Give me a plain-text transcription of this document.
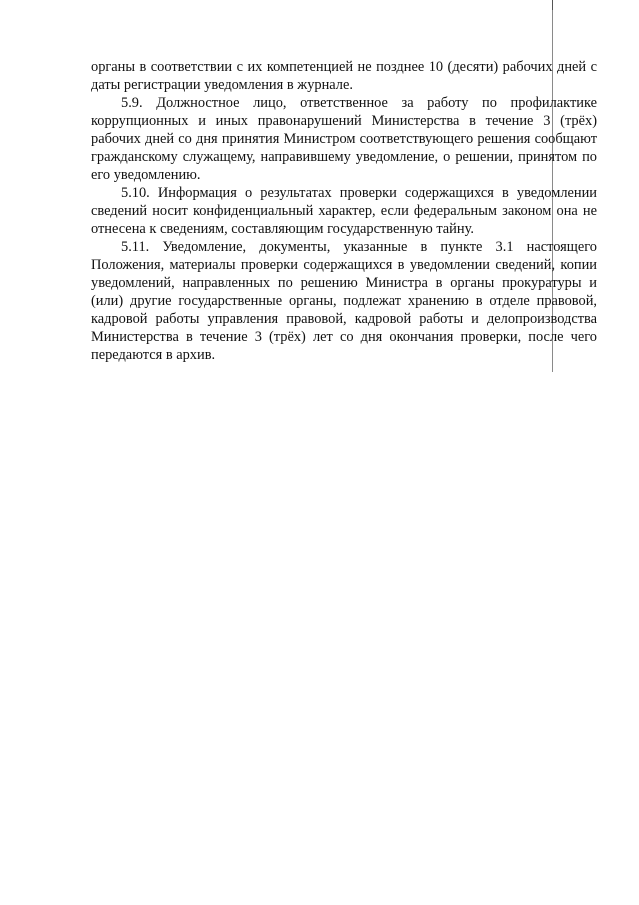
органы в соответствии с их компетенцией не позднее 10 (десяти) рабочих дней с даты регистрации уведомления в журнале.

5.9. Должностное лицо, ответственное за работу по профилактике коррупционных и иных правонарушений Министерства в течение 3 (трёх) рабочих дней со дня принятия Министром соответствующего решения сообщают гражданскому служащему, направившему уведомление, о решении, принятом по его уведомлению.

5.10. Информация о результатах проверки содержащихся в уведомлении сведений носит конфиденциальный характер, если федеральным законом она не отнесена к сведениям, составляющим государственную тайну.

5.11. Уведомление, документы, указанные в пункте 3.1 настоящего Положения, материалы проверки содержащихся в уведомлении сведений, копии уведомлений, направленных по решению Министра в органы прокуратуры и (или) другие государственные органы, подлежат хранению в отделе правовой, кадровой работы управления правовой, кадровой работы и делопроизводства Министерства в течение 3 (трёх) лет со дня окончания проверки, после чего передаются в архив.
